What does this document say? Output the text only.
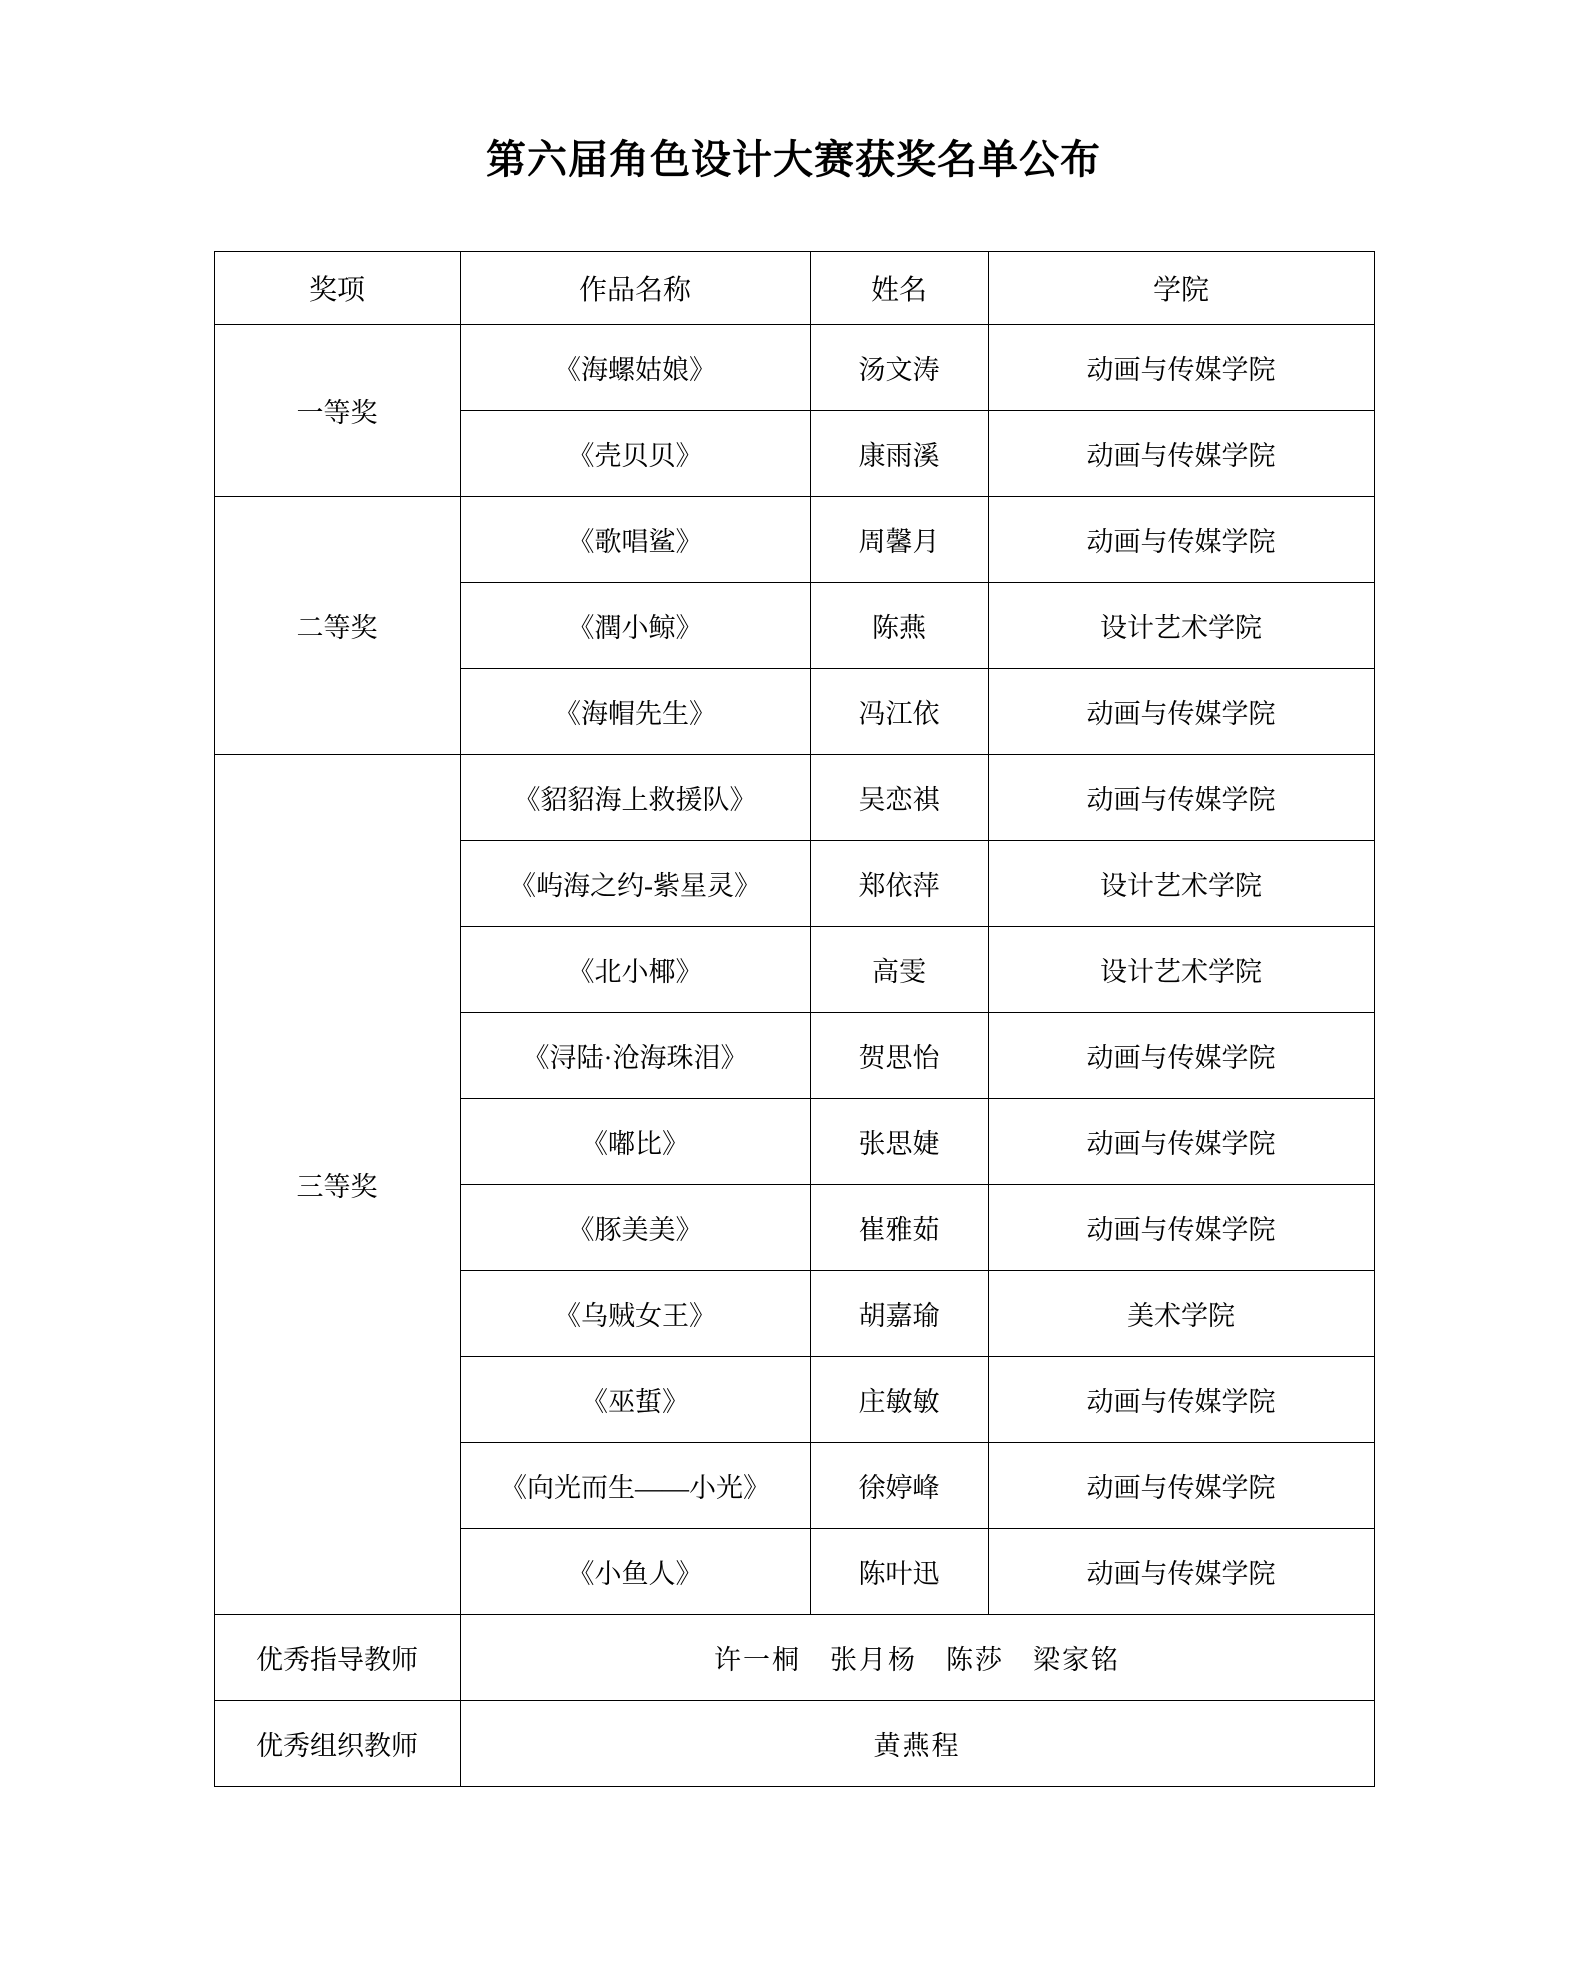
第六届角色设计大赛获奖名单公布
奖项	作品名称	姓名	学院
一等奖	《海螺姑娘》	汤文涛	动画与传媒学院
	《壳贝贝》	康雨溪	动画与传媒学院
二等奖	《歌唱鲨》	周馨月	动画与传媒学院
	《潤小鲸》	陈燕	设计艺术学院
	《海帽先生》	冯江依	动画与传媒学院
三等奖	《貂貂海上救援队》	吴恋祺	动画与传媒学院
	《屿海之约-紫星灵》	郑依萍	设计艺术学院
	《北小椰》	高雯	设计艺术学院
	《浔陆·沧海珠泪》	贺思怡	动画与传媒学院
	《嘟比》	张思婕	动画与传媒学院
	《豚美美》	崔雅茹	动画与传媒学院
	《乌贼女王》	胡嘉瑜	美术学院
	《巫蜇》	庄敏敏	动画与传媒学院
	《向光而生——小光》	徐婷峰	动画与传媒学院
	《小鱼人》	陈叶迅	动画与传媒学院
优秀指导教师	许一桐　张月杨　陈莎　梁家铭		
优秀组织教师	黄燕程		
